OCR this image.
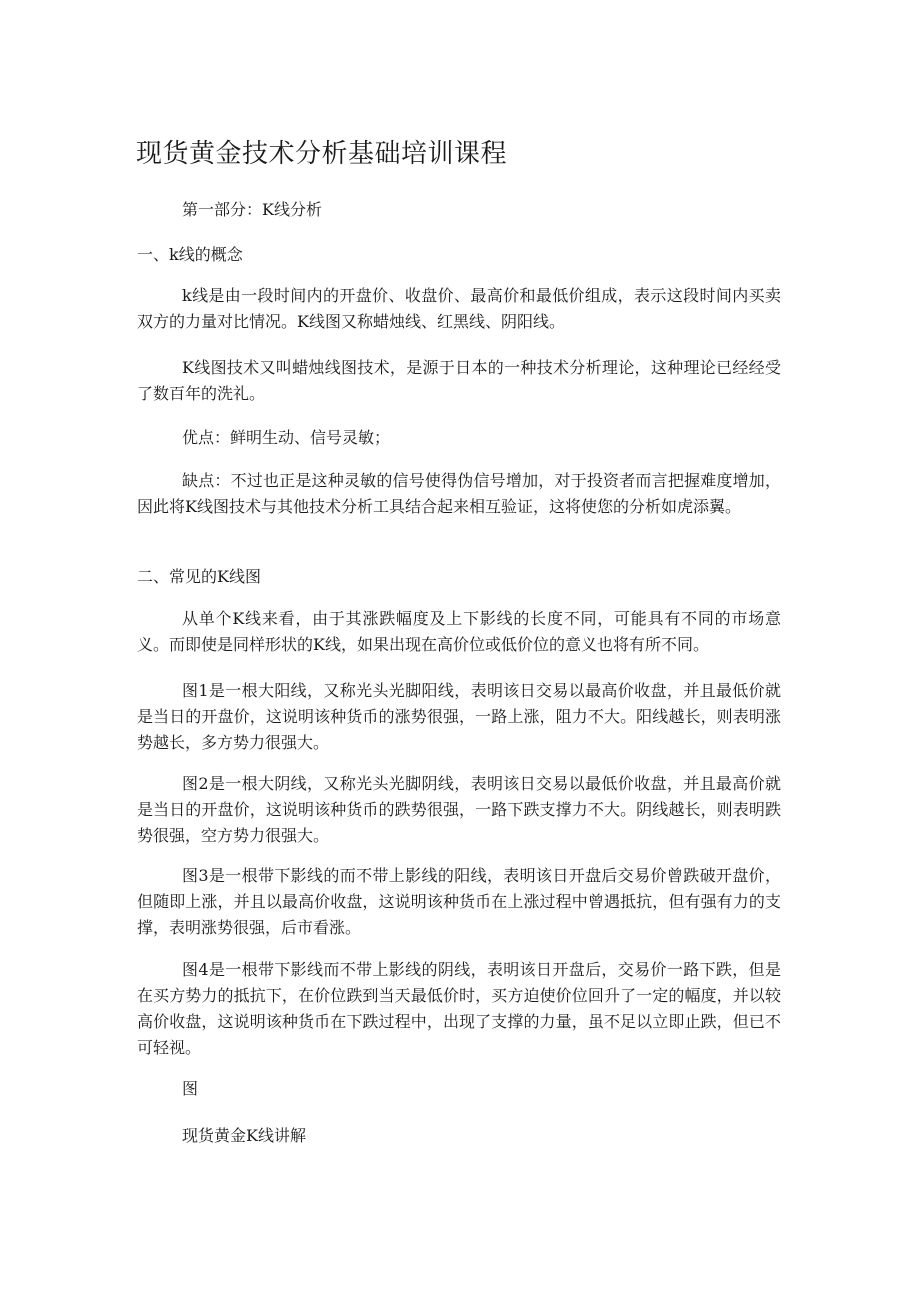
现货黄金技术分析基础培训课程
第一部分：K线分析
一、k线的概念

k线是由一段时间内的开盘价、收盘价、最高价和最低价组成，表示这段时间内买卖双方的力量对比情况。K线图又称蜡烛线、红黑线、阴阳线。

K线图技术又叫蜡烛线图技术，是源于日本的一种技术分析理论，这种理论已经经受了数百年的洗礼。

优点：鲜明生动、信号灵敏；

缺点：不过也正是这种灵敏的信号使得伪信号增加，对于投资者而言把握难度增加，因此将K线图技术与其他技术分析工具结合起来相互验证，这将使您的分析如虎添翼。

二、常见的K线图

从单个K线来看，由于其涨跌幅度及上下影线的长度不同，可能具有不同的市场意义。而即使是同样形状的K线，如果出现在高价位或低价位的意义也将有所不同。

图1是一根大阳线，又称光头光脚阳线，表明该日交易以最高价收盘，并且最低价就是当日的开盘价，这说明该种货币的涨势很强，一路上涨，阻力不大。阳线越长，则表明涨势越长，多方势力很强大。

图2是一根大阴线，又称光头光脚阴线，表明该日交易以最低价收盘，并且最高价就是当日的开盘价，这说明该种货币的跌势很强，一路下跌支撑力不大。阴线越长，则表明跌势很强，空方势力很强大。

图3是一根带下影线的而不带上影线的阳线，表明该日开盘后交易价曾跌破开盘价，但随即上涨，并且以最高价收盘，这说明该种货币在上涨过程中曾遇抵抗，但有强有力的支撑，表明涨势很强，后市看涨。

图4是一根带下影线而不带上影线的阴线，表明该日开盘后，交易价一路下跌，但是在买方势力的抵抗下，在价位跌到当天最低价时，买方迫使价位回升了一定的幅度，并以较高价收盘，这说明该种货币在下跌过程中，出现了支撑的力量，虽不足以立即止跌，但已不可轻视。

图
现货黄金K线讲解
